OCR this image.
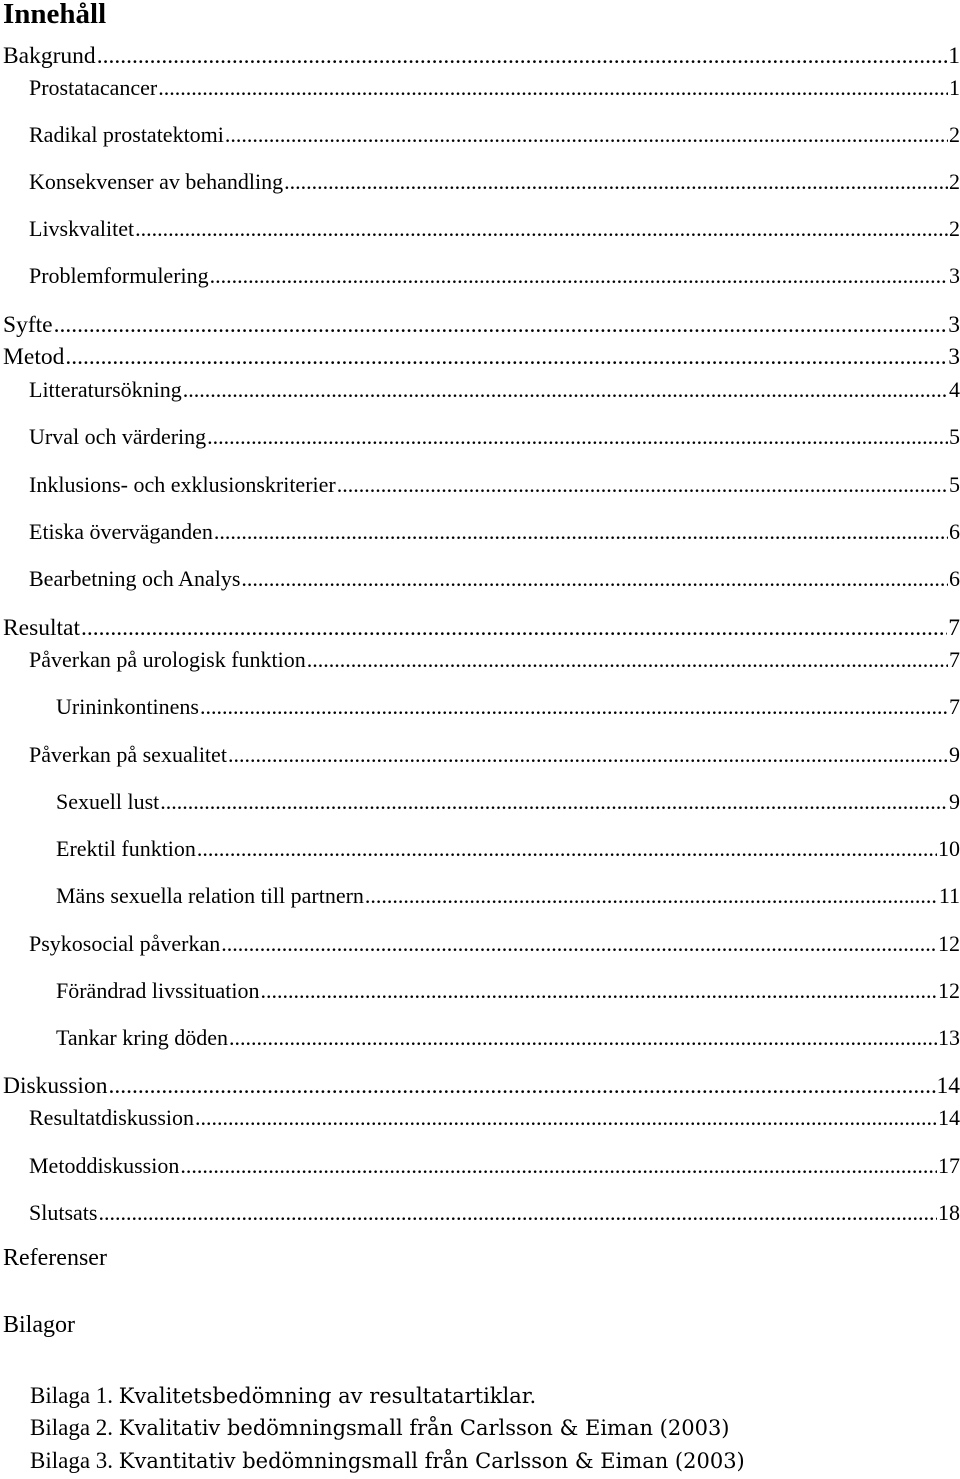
Innehåll
Bakgrund .....	1
Prostatacancer .....	1
Radikal prostatektomi .....	2
Konsekvenser av behandling .....	2
Livskvalitet .....	2
Problemformulering .....	3
Syfte .....	3
Metod .....	3
Litteratursökning .....	4
Urval och värdering .....	5
Inklusions- och exklusionskriterier .....	5
Etiska överväganden .....	6
Bearbetning och Analys .....	6
Resultat .....	7
Påverkan på urologisk funktion .....	7
Urininkontinens .....	7
Påverkan på sexualitet .....	9
Sexuell lust .....	9
Erektil funktion .....	10
Mäns sexuella relation till partnern .....	11
Psykosocial påverkan .....	12
Förändrad livssituation .....	12
Tankar kring döden .....	13
Diskussion .....	14
Resultatdiskussion .....	14
Metoddiskussion .....	17
Slutsats .....	18
Referenser
Bilagor
Bilaga 1. Kvalitetsbedömning av resultatartiklar.
Bilaga 2. Kvalitativ bedömningsmall från Carlsson & Eiman (2003)
Bilaga 3. Kvantitativ bedömningsmall från Carlsson & Eiman (2003)
